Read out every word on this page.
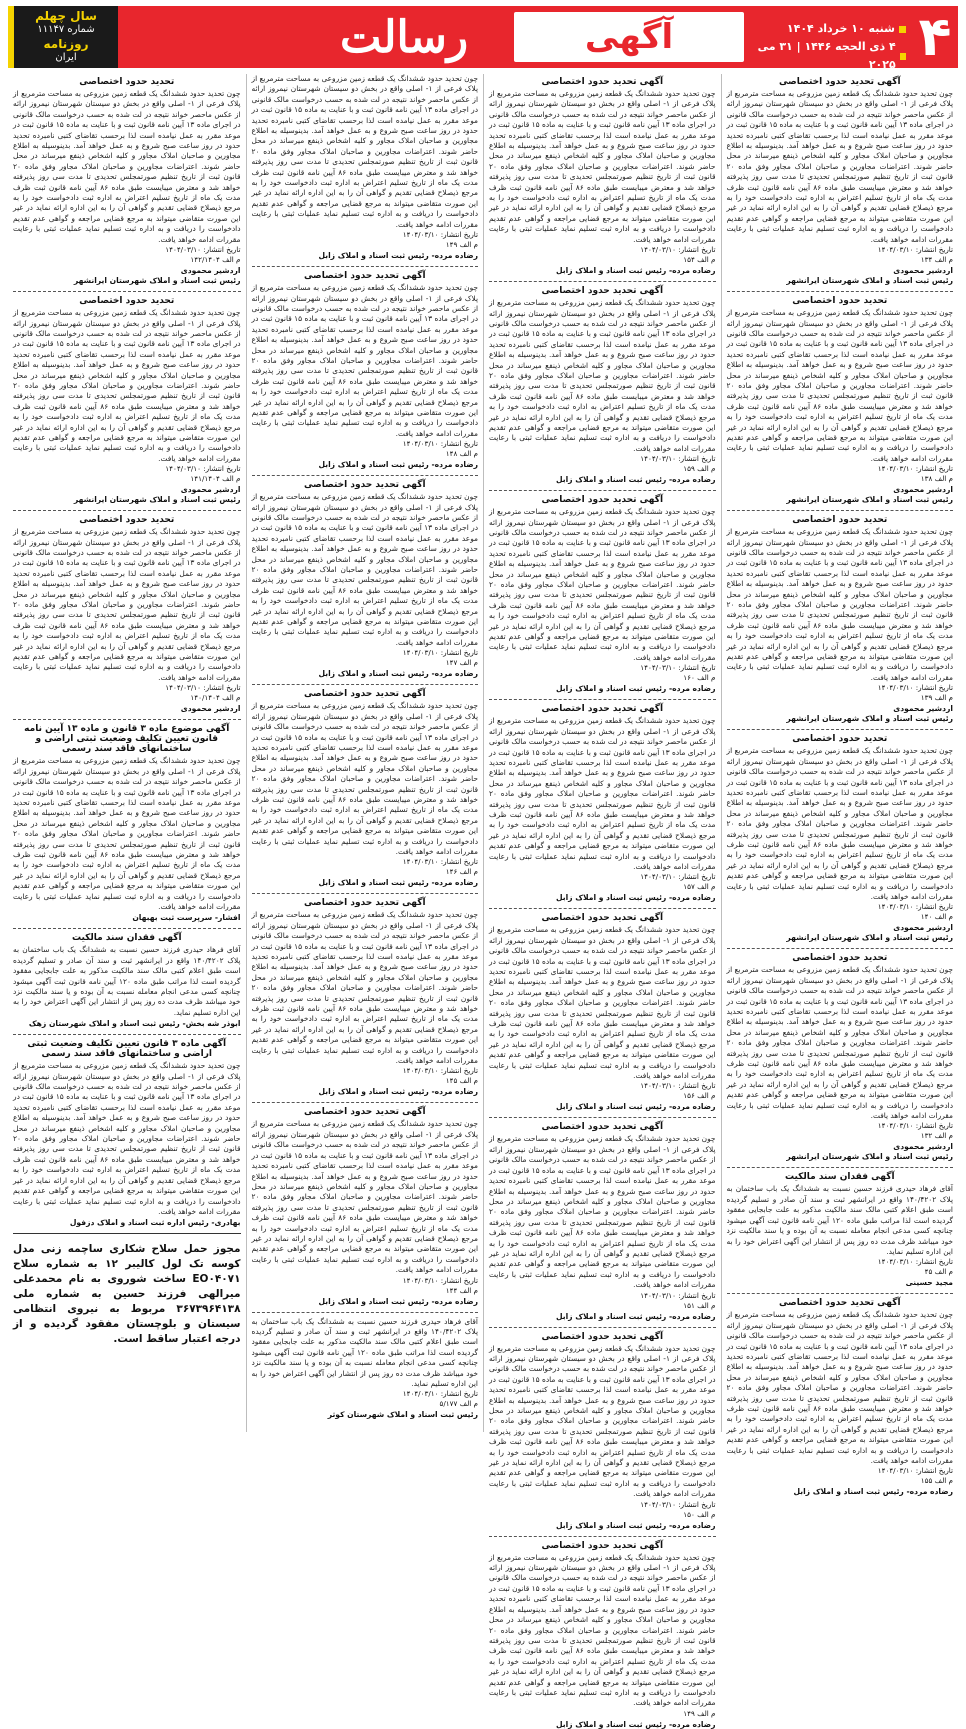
۴
شنبه ۱۰ خرداد ۱۴۰۴
۴ ذی الحجه ۱۴۴۶ | ۳۱ می ۲۰۲۵
آگهی
رسالت
سال چهلم
شماره ۱۱۱۴۷
روزنامه
ایران
آگهی تحدید حدود اختصاصی
چون تحدید حدود ششدانگ یک قطعه زمین مزروعی به مساحت مترمربع از پلاک فرعی از ۱- اصلی واقع در بخش دو سیستان شهرستان نیمروز ارائه از عکس ماحصر خواند نتیجه در لت شده به حسب درخواست مالک قانونی در اجرای ماده ۱۳ آیین نامه قانون ثبت و با عنایت به ماده ۱۵ قانون ثبت در موعد مقرر به عمل نیامده است لذا برحسب تقاضای کتبی نامبرده تحدید حدود در روز ساعت صبح شروع و به عمل خواهد آمد. بدینوسیله به اطلاع مجاورین و صاحبان املاک مجاور و کلیه اشخاص ذینفع میرساند در محل حاضر شوند. اعتراضات مجاورین و صاحبان املاک مجاور وفق ماده ۲۰ قانون ثبت از تاریخ تنظیم صورتمجلس تحدیدی تا مدت سی روز پذیرفته خواهد شد و معترض میبایست طبق ماده ۸۶ آیین نامه قانون ثبت ظرف مدت یک ماه از تاریخ تسلیم اعتراض به اداره ثبت دادخواست خود را به مرجع ذیصلاح قضایی تقدیم و گواهی آن را به این اداره ارائه نماید در غیر این صورت متقاضی میتواند به مرجع قضایی مراجعه و گواهی عدم تقدیم دادخواست را دریافت و به اداره ثبت تسلیم نماید عملیات ثبتی با رعایت مقررات ادامه خواهد یافت.
تاریخ انتشار: ۱۴۰۴/۰۳/۱۰
م الف ۱۳۴
اردشیر محمودی
رئیس ثبت اسناد و املاک شهرستان ایرانشهر
تحدید حدود اختصاصی
چون تحدید حدود ششدانگ یک قطعه زمین مزروعی به مساحت مترمربع از پلاک فرعی از ۱- اصلی واقع در بخش دو سیستان شهرستان نیمروز ارائه از عکس ماحصر خواند نتیجه در لت شده به حسب درخواست مالک قانونی در اجرای ماده ۱۳ آیین نامه قانون ثبت و با عنایت به ماده ۱۵ قانون ثبت در موعد مقرر به عمل نیامده است لذا برحسب تقاضای کتبی نامبرده تحدید حدود در روز ساعت صبح شروع و به عمل خواهد آمد. بدینوسیله به اطلاع مجاورین و صاحبان املاک مجاور و کلیه اشخاص ذینفع میرساند در محل حاضر شوند. اعتراضات مجاورین و صاحبان املاک مجاور وفق ماده ۲۰ قانون ثبت از تاریخ تنظیم صورتمجلس تحدیدی تا مدت سی روز پذیرفته خواهد شد و معترض میبایست طبق ماده ۸۶ آیین نامه قانون ثبت ظرف مدت یک ماه از تاریخ تسلیم اعتراض به اداره ثبت دادخواست خود را به مرجع ذیصلاح قضایی تقدیم و گواهی آن را به این اداره ارائه نماید در غیر این صورت متقاضی میتواند به مرجع قضایی مراجعه و گواهی عدم تقدیم دادخواست را دریافت و به اداره ثبت تسلیم نماید عملیات ثبتی با رعایت مقررات ادامه خواهد یافت.
تاریخ انتشار: ۱۴۰۴/۰۳/۱۰
م الف ۱۳۸
اردشیر محمودی
رئیس ثبت اسناد و املاک شهرستان ایرانشهر
تحدید حدود اختصاصی
چون تحدید حدود ششدانگ یک قطعه زمین مزروعی به مساحت مترمربع از پلاک فرعی از ۱- اصلی واقع در بخش دو سیستان شهرستان نیمروز ارائه از عکس ماحصر خواند نتیجه در لت شده به حسب درخواست مالک قانونی در اجرای ماده ۱۳ آیین نامه قانون ثبت و با عنایت به ماده ۱۵ قانون ثبت در موعد مقرر به عمل نیامده است لذا برحسب تقاضای کتبی نامبرده تحدید حدود در روز ساعت صبح شروع و به عمل خواهد آمد. بدینوسیله به اطلاع مجاورین و صاحبان املاک مجاور و کلیه اشخاص ذینفع میرساند در محل حاضر شوند. اعتراضات مجاورین و صاحبان املاک مجاور وفق ماده ۲۰ قانون ثبت از تاریخ تنظیم صورتمجلس تحدیدی تا مدت سی روز پذیرفته خواهد شد و معترض میبایست طبق ماده ۸۶ آیین نامه قانون ثبت ظرف مدت یک ماه از تاریخ تسلیم اعتراض به اداره ثبت دادخواست خود را به مرجع ذیصلاح قضایی تقدیم و گواهی آن را به این اداره ارائه نماید در غیر این صورت متقاضی میتواند به مرجع قضایی مراجعه و گواهی عدم تقدیم دادخواست را دریافت و به اداره ثبت تسلیم نماید عملیات ثبتی با رعایت مقررات ادامه خواهد یافت.
تاریخ انتشار: ۱۴۰۴/۰۳/۱۰
م الف ۱۳۹
اردشیر محمودی
رئیس ثبت اسناد و املاک شهرستان ایرانشهر
تحدید حدود اختصاصی
چون تحدید حدود ششدانگ یک قطعه زمین مزروعی به مساحت مترمربع از پلاک فرعی از ۱- اصلی واقع در بخش دو سیستان شهرستان نیمروز ارائه از عکس ماحصر خواند نتیجه در لت شده به حسب درخواست مالک قانونی در اجرای ماده ۱۳ آیین نامه قانون ثبت و با عنایت به ماده ۱۵ قانون ثبت در موعد مقرر به عمل نیامده است لذا برحسب تقاضای کتبی نامبرده تحدید حدود در روز ساعت صبح شروع و به عمل خواهد آمد. بدینوسیله به اطلاع مجاورین و صاحبان املاک مجاور و کلیه اشخاص ذینفع میرساند در محل حاضر شوند. اعتراضات مجاورین و صاحبان املاک مجاور وفق ماده ۲۰ قانون ثبت از تاریخ تنظیم صورتمجلس تحدیدی تا مدت سی روز پذیرفته خواهد شد و معترض میبایست طبق ماده ۸۶ آیین نامه قانون ثبت ظرف مدت یک ماه از تاریخ تسلیم اعتراض به اداره ثبت دادخواست خود را به مرجع ذیصلاح قضایی تقدیم و گواهی آن را به این اداره ارائه نماید در غیر این صورت متقاضی میتواند به مرجع قضایی مراجعه و گواهی عدم تقدیم دادخواست را دریافت و به اداره ثبت تسلیم نماید عملیات ثبتی با رعایت مقررات ادامه خواهد یافت.
تاریخ انتشار: ۱۴۰۴/۰۳/۱۰
م الف ۱۴۰
اردشیر محمودی
رئیس ثبت اسناد و املاک شهرستان ایرانشهر
تحدید حدود اختصاصی
چون تحدید حدود ششدانگ یک قطعه زمین مزروعی به مساحت مترمربع از پلاک فرعی از ۱- اصلی واقع در بخش دو سیستان شهرستان نیمروز ارائه از عکس ماحصر خواند نتیجه در لت شده به حسب درخواست مالک قانونی در اجرای ماده ۱۳ آیین نامه قانون ثبت و با عنایت به ماده ۱۵ قانون ثبت در موعد مقرر به عمل نیامده است لذا برحسب تقاضای کتبی نامبرده تحدید حدود در روز ساعت صبح شروع و به عمل خواهد آمد. بدینوسیله به اطلاع مجاورین و صاحبان املاک مجاور و کلیه اشخاص ذینفع میرساند در محل حاضر شوند. اعتراضات مجاورین و صاحبان املاک مجاور وفق ماده ۲۰ قانون ثبت از تاریخ تنظیم صورتمجلس تحدیدی تا مدت سی روز پذیرفته خواهد شد و معترض میبایست طبق ماده ۸۶ آیین نامه قانون ثبت ظرف مدت یک ماه از تاریخ تسلیم اعتراض به اداره ثبت دادخواست خود را به مرجع ذیصلاح قضایی تقدیم و گواهی آن را به این اداره ارائه نماید در غیر این صورت متقاضی میتواند به مرجع قضایی مراجعه و گواهی عدم تقدیم دادخواست را دریافت و به اداره ثبت تسلیم نماید عملیات ثبتی با رعایت مقررات ادامه خواهد یافت.
تاریخ انتشار: ۱۴۰۴/۰۳/۱۰
م الف ۱۳۲
اردشیر محمودی
رئیس ثبت اسناد و املاک شهرستان ایرانشهر
آگهی فقدان سند مالکیت
آقای فرهاد حیدری فرزند حسین نسبت به ششدانگ یک باب ساختمان به پلاک ۱۴۰/۴۲۰۲ واقع در ایرانشهر ثبت و سند آن صادر و تسلیم گردیده است طبق اعلام کتبی مالک سند مالکیت مذکور به علت جابجایی مفقود گردیده است لذا مراتب طبق ماده ۱۲۰ آیین نامه قانون ثبت آگهی میشود چنانچه کسی مدعی انجام معامله نسبت به آن بوده و یا سند مالکیت نزد خود میباشد ظرف مدت ده روز پس از انتشار این آگهی اعتراض خود را به این اداره تسلیم نماید.
تاریخ انتشار: ۱۴۰۴/۰۳/۱۰
م الف ۴۵
مجید حسینی
آگهی تحدید حدود اختصاصی
چون تحدید حدود ششدانگ یک قطعه زمین مزروعی به مساحت مترمربع از پلاک فرعی از ۱- اصلی واقع در بخش دو سیستان شهرستان نیمروز ارائه از عکس ماحصر خواند نتیجه در لت شده به حسب درخواست مالک قانونی در اجرای ماده ۱۳ آیین نامه قانون ثبت و با عنایت به ماده ۱۵ قانون ثبت در موعد مقرر به عمل نیامده است لذا برحسب تقاضای کتبی نامبرده تحدید حدود در روز ساعت صبح شروع و به عمل خواهد آمد. بدینوسیله به اطلاع مجاورین و صاحبان املاک مجاور و کلیه اشخاص ذینفع میرساند در محل حاضر شوند. اعتراضات مجاورین و صاحبان املاک مجاور وفق ماده ۲۰ قانون ثبت از تاریخ تنظیم صورتمجلس تحدیدی تا مدت سی روز پذیرفته خواهد شد و معترض میبایست طبق ماده ۸۶ آیین نامه قانون ثبت ظرف مدت یک ماه از تاریخ تسلیم اعتراض به اداره ثبت دادخواست خود را به مرجع ذیصلاح قضایی تقدیم و گواهی آن را به این اداره ارائه نماید در غیر این صورت متقاضی میتواند به مرجع قضایی مراجعه و گواهی عدم تقدیم دادخواست را دریافت و به اداره ثبت تسلیم نماید عملیات ثبتی با رعایت مقررات ادامه خواهد یافت.
تاریخ انتشار: ۱۴۰۴/۰۳/۱۰
م الف ۱۵۵
رضاده مرده- رئیس ثبت اسناد و املاک زابل
آگهی تحدید حدود اختصاصی
چون تحدید حدود ششدانگ یک قطعه زمین مزروعی به مساحت مترمربع از پلاک فرعی از ۱- اصلی واقع در بخش دو سیستان شهرستان نیمروز ارائه از عکس ماحصر خواند نتیجه در لت شده به حسب درخواست مالک قانونی در اجرای ماده ۱۳ آیین نامه قانون ثبت و با عنایت به ماده ۱۵ قانون ثبت در موعد مقرر به عمل نیامده است لذا برحسب تقاضای کتبی نامبرده تحدید حدود در روز ساعت صبح شروع و به عمل خواهد آمد. بدینوسیله به اطلاع مجاورین و صاحبان املاک مجاور و کلیه اشخاص ذینفع میرساند در محل حاضر شوند. اعتراضات مجاورین و صاحبان املاک مجاور وفق ماده ۲۰ قانون ثبت از تاریخ تنظیم صورتمجلس تحدیدی تا مدت سی روز پذیرفته خواهد شد و معترض میبایست طبق ماده ۸۶ آیین نامه قانون ثبت ظرف مدت یک ماه از تاریخ تسلیم اعتراض به اداره ثبت دادخواست خود را به مرجع ذیصلاح قضایی تقدیم و گواهی آن را به این اداره ارائه نماید در غیر این صورت متقاضی میتواند به مرجع قضایی مراجعه و گواهی عدم تقدیم دادخواست را دریافت و به اداره ثبت تسلیم نماید عملیات ثبتی با رعایت مقررات ادامه خواهد یافت.
تاریخ انتشار: ۱۴۰۴/۰۳/۱۰
م الف ۱۵۴
رضاده مرده- رئیس ثبت اسناد و املاک زابل
آگهی تحدید حدود اختصاصی
چون تحدید حدود ششدانگ یک قطعه زمین مزروعی به مساحت مترمربع از پلاک فرعی از ۱- اصلی واقع در بخش دو سیستان شهرستان نیمروز ارائه از عکس ماحصر خواند نتیجه در لت شده به حسب درخواست مالک قانونی در اجرای ماده ۱۳ آیین نامه قانون ثبت و با عنایت به ماده ۱۵ قانون ثبت در موعد مقرر به عمل نیامده است لذا برحسب تقاضای کتبی نامبرده تحدید حدود در روز ساعت صبح شروع و به عمل خواهد آمد. بدینوسیله به اطلاع مجاورین و صاحبان املاک مجاور و کلیه اشخاص ذینفع میرساند در محل حاضر شوند. اعتراضات مجاورین و صاحبان املاک مجاور وفق ماده ۲۰ قانون ثبت از تاریخ تنظیم صورتمجلس تحدیدی تا مدت سی روز پذیرفته خواهد شد و معترض میبایست طبق ماده ۸۶ آیین نامه قانون ثبت ظرف مدت یک ماه از تاریخ تسلیم اعتراض به اداره ثبت دادخواست خود را به مرجع ذیصلاح قضایی تقدیم و گواهی آن را به این اداره ارائه نماید در غیر این صورت متقاضی میتواند به مرجع قضایی مراجعه و گواهی عدم تقدیم دادخواست را دریافت و به اداره ثبت تسلیم نماید عملیات ثبتی با رعایت مقررات ادامه خواهد یافت.
تاریخ انتشار: ۱۴۰۴/۰۳/۱۰
م الف ۱۵۹
رضاده مرده- رئیس ثبت اسناد و املاک زابل
آگهی تحدید حدود اختصاصی
چون تحدید حدود ششدانگ یک قطعه زمین مزروعی به مساحت مترمربع از پلاک فرعی از ۱- اصلی واقع در بخش دو سیستان شهرستان نیمروز ارائه از عکس ماحصر خواند نتیجه در لت شده به حسب درخواست مالک قانونی در اجرای ماده ۱۳ آیین نامه قانون ثبت و با عنایت به ماده ۱۵ قانون ثبت در موعد مقرر به عمل نیامده است لذا برحسب تقاضای کتبی نامبرده تحدید حدود در روز ساعت صبح شروع و به عمل خواهد آمد. بدینوسیله به اطلاع مجاورین و صاحبان املاک مجاور و کلیه اشخاص ذینفع میرساند در محل حاضر شوند. اعتراضات مجاورین و صاحبان املاک مجاور وفق ماده ۲۰ قانون ثبت از تاریخ تنظیم صورتمجلس تحدیدی تا مدت سی روز پذیرفته خواهد شد و معترض میبایست طبق ماده ۸۶ آیین نامه قانون ثبت ظرف مدت یک ماه از تاریخ تسلیم اعتراض به اداره ثبت دادخواست خود را به مرجع ذیصلاح قضایی تقدیم و گواهی آن را به این اداره ارائه نماید در غیر این صورت متقاضی میتواند به مرجع قضایی مراجعه و گواهی عدم تقدیم دادخواست را دریافت و به اداره ثبت تسلیم نماید عملیات ثبتی با رعایت مقررات ادامه خواهد یافت.
تاریخ انتشار: ۱۴۰۴/۰۳/۱۰
م الف ۱۶۰
رضاده مرده- رئیس ثبت اسناد و املاک زابل
آگهی تحدید حدود اختصاصی
چون تحدید حدود ششدانگ یک قطعه زمین مزروعی به مساحت مترمربع از پلاک فرعی از ۱- اصلی واقع در بخش دو سیستان شهرستان نیمروز ارائه از عکس ماحصر خواند نتیجه در لت شده به حسب درخواست مالک قانونی در اجرای ماده ۱۳ آیین نامه قانون ثبت و با عنایت به ماده ۱۵ قانون ثبت در موعد مقرر به عمل نیامده است لذا برحسب تقاضای کتبی نامبرده تحدید حدود در روز ساعت صبح شروع و به عمل خواهد آمد. بدینوسیله به اطلاع مجاورین و صاحبان املاک مجاور و کلیه اشخاص ذینفع میرساند در محل حاضر شوند. اعتراضات مجاورین و صاحبان املاک مجاور وفق ماده ۲۰ قانون ثبت از تاریخ تنظیم صورتمجلس تحدیدی تا مدت سی روز پذیرفته خواهد شد و معترض میبایست طبق ماده ۸۶ آیین نامه قانون ثبت ظرف مدت یک ماه از تاریخ تسلیم اعتراض به اداره ثبت دادخواست خود را به مرجع ذیصلاح قضایی تقدیم و گواهی آن را به این اداره ارائه نماید در غیر این صورت متقاضی میتواند به مرجع قضایی مراجعه و گواهی عدم تقدیم دادخواست را دریافت و به اداره ثبت تسلیم نماید عملیات ثبتی با رعایت مقررات ادامه خواهد یافت.
تاریخ انتشار: ۱۴۰۴/۰۳/۱۰
م الف ۱۵۷
رضاده مرده- رئیس ثبت اسناد و املاک زابل
آگهی تحدید حدود اختصاصی
چون تحدید حدود ششدانگ یک قطعه زمین مزروعی به مساحت مترمربع از پلاک فرعی از ۱- اصلی واقع در بخش دو سیستان شهرستان نیمروز ارائه از عکس ماحصر خواند نتیجه در لت شده به حسب درخواست مالک قانونی در اجرای ماده ۱۳ آیین نامه قانون ثبت و با عنایت به ماده ۱۵ قانون ثبت در موعد مقرر به عمل نیامده است لذا برحسب تقاضای کتبی نامبرده تحدید حدود در روز ساعت صبح شروع و به عمل خواهد آمد. بدینوسیله به اطلاع مجاورین و صاحبان املاک مجاور و کلیه اشخاص ذینفع میرساند در محل حاضر شوند. اعتراضات مجاورین و صاحبان املاک مجاور وفق ماده ۲۰ قانون ثبت از تاریخ تنظیم صورتمجلس تحدیدی تا مدت سی روز پذیرفته خواهد شد و معترض میبایست طبق ماده ۸۶ آیین نامه قانون ثبت ظرف مدت یک ماه از تاریخ تسلیم اعتراض به اداره ثبت دادخواست خود را به مرجع ذیصلاح قضایی تقدیم و گواهی آن را به این اداره ارائه نماید در غیر این صورت متقاضی میتواند به مرجع قضایی مراجعه و گواهی عدم تقدیم دادخواست را دریافت و به اداره ثبت تسلیم نماید عملیات ثبتی با رعایت مقررات ادامه خواهد یافت.
تاریخ انتشار: ۱۴۰۴/۰۳/۱۰
م الف ۱۵۶
رضاده مرده- رئیس ثبت اسناد و املاک زابل
آگهی تحدید حدود اختصاصی
چون تحدید حدود ششدانگ یک قطعه زمین مزروعی به مساحت مترمربع از پلاک فرعی از ۱- اصلی واقع در بخش دو سیستان شهرستان نیمروز ارائه از عکس ماحصر خواند نتیجه در لت شده به حسب درخواست مالک قانونی در اجرای ماده ۱۳ آیین نامه قانون ثبت و با عنایت به ماده ۱۵ قانون ثبت در موعد مقرر به عمل نیامده است لذا برحسب تقاضای کتبی نامبرده تحدید حدود در روز ساعت صبح شروع و به عمل خواهد آمد. بدینوسیله به اطلاع مجاورین و صاحبان املاک مجاور و کلیه اشخاص ذینفع میرساند در محل حاضر شوند. اعتراضات مجاورین و صاحبان املاک مجاور وفق ماده ۲۰ قانون ثبت از تاریخ تنظیم صورتمجلس تحدیدی تا مدت سی روز پذیرفته خواهد شد و معترض میبایست طبق ماده ۸۶ آیین نامه قانون ثبت ظرف مدت یک ماه از تاریخ تسلیم اعتراض به اداره ثبت دادخواست خود را به مرجع ذیصلاح قضایی تقدیم و گواهی آن را به این اداره ارائه نماید در غیر این صورت متقاضی میتواند به مرجع قضایی مراجعه و گواهی عدم تقدیم دادخواست را دریافت و به اداره ثبت تسلیم نماید عملیات ثبتی با رعایت مقررات ادامه خواهد یافت.
تاریخ انتشار: ۱۴۰۴/۰۳/۱۰
م الف ۱۵۱
رضاده مرده- رئیس ثبت اسناد و املاک زابل
آگهی تحدید حدود اختصاصی
چون تحدید حدود ششدانگ یک قطعه زمین مزروعی به مساحت مترمربع از پلاک فرعی از ۱- اصلی واقع در بخش دو سیستان شهرستان نیمروز ارائه از عکس ماحصر خواند نتیجه در لت شده به حسب درخواست مالک قانونی در اجرای ماده ۱۳ آیین نامه قانون ثبت و با عنایت به ماده ۱۵ قانون ثبت در موعد مقرر به عمل نیامده است لذا برحسب تقاضای کتبی نامبرده تحدید حدود در روز ساعت صبح شروع و به عمل خواهد آمد. بدینوسیله به اطلاع مجاورین و صاحبان املاک مجاور و کلیه اشخاص ذینفع میرساند در محل حاضر شوند. اعتراضات مجاورین و صاحبان املاک مجاور وفق ماده ۲۰ قانون ثبت از تاریخ تنظیم صورتمجلس تحدیدی تا مدت سی روز پذیرفته خواهد شد و معترض میبایست طبق ماده ۸۶ آیین نامه قانون ثبت ظرف مدت یک ماه از تاریخ تسلیم اعتراض به اداره ثبت دادخواست خود را به مرجع ذیصلاح قضایی تقدیم و گواهی آن را به این اداره ارائه نماید در غیر این صورت متقاضی میتواند به مرجع قضایی مراجعه و گواهی عدم تقدیم دادخواست را دریافت و به اداره ثبت تسلیم نماید عملیات ثبتی با رعایت مقررات ادامه خواهد یافت.
تاریخ انتشار: ۱۴۰۴/۰۳/۱۰
م الف ۱۵۰
رضاده مرده- رئیس ثبت اسناد و املاک زابل
آگهی تحدید حدود اختصاصی
چون تحدید حدود ششدانگ یک قطعه زمین مزروعی به مساحت مترمربع از پلاک فرعی از ۱- اصلی واقع در بخش دو سیستان شهرستان نیمروز ارائه از عکس ماحصر خواند نتیجه در لت شده به حسب درخواست مالک قانونی در اجرای ماده ۱۳ آیین نامه قانون ثبت و با عنایت به ماده ۱۵ قانون ثبت در موعد مقرر به عمل نیامده است لذا برحسب تقاضای کتبی نامبرده تحدید حدود در روز ساعت صبح شروع و به عمل خواهد آمد. بدینوسیله به اطلاع مجاورین و صاحبان املاک مجاور و کلیه اشخاص ذینفع میرساند در محل حاضر شوند. اعتراضات مجاورین و صاحبان املاک مجاور وفق ماده ۲۰ قانون ثبت از تاریخ تنظیم صورتمجلس تحدیدی تا مدت سی روز پذیرفته خواهد شد و معترض میبایست طبق ماده ۸۶ آیین نامه قانون ثبت ظرف مدت یک ماه از تاریخ تسلیم اعتراض به اداره ثبت دادخواست خود را به مرجع ذیصلاح قضایی تقدیم و گواهی آن را به این اداره ارائه نماید در غیر این صورت متقاضی میتواند به مرجع قضایی مراجعه و گواهی عدم تقدیم دادخواست را دریافت و به اداره ثبت تسلیم نماید عملیات ثبتی با رعایت مقررات ادامه خواهد یافت.
م الف ۱۴۹
رضاده مرده- رئیس ثبت اسناد و املاک زابل
چون تحدید حدود ششدانگ یک قطعه زمین مزروعی به مساحت مترمربع از پلاک فرعی از ۱- اصلی واقع در بخش دو سیستان شهرستان نیمروز ارائه از عکس ماحصر خواند نتیجه در لت شده به حسب درخواست مالک قانونی در اجرای ماده ۱۳ آیین نامه قانون ثبت و با عنایت به ماده ۱۵ قانون ثبت در موعد مقرر به عمل نیامده است لذا برحسب تقاضای کتبی نامبرده تحدید حدود در روز ساعت صبح شروع و به عمل خواهد آمد. بدینوسیله به اطلاع مجاورین و صاحبان املاک مجاور و کلیه اشخاص ذینفع میرساند در محل حاضر شوند. اعتراضات مجاورین و صاحبان املاک مجاور وفق ماده ۲۰ قانون ثبت از تاریخ تنظیم صورتمجلس تحدیدی تا مدت سی روز پذیرفته خواهد شد و معترض میبایست طبق ماده ۸۶ آیین نامه قانون ثبت ظرف مدت یک ماه از تاریخ تسلیم اعتراض به اداره ثبت دادخواست خود را به مرجع ذیصلاح قضایی تقدیم و گواهی آن را به این اداره ارائه نماید در غیر این صورت متقاضی میتواند به مرجع قضایی مراجعه و گواهی عدم تقدیم دادخواست را دریافت و به اداره ثبت تسلیم نماید عملیات ثبتی با رعایت مقررات ادامه خواهد یافت.
تاریخ انتشار: ۱۴۰۴/۰۳/۱۰
م الف ۱۴۹
رضاده مرده- رئیس ثبت اسناد و املاک زابل
آگهی تحدید حدود اختصاصی
چون تحدید حدود ششدانگ یک قطعه زمین مزروعی به مساحت مترمربع از پلاک فرعی از ۱- اصلی واقع در بخش دو سیستان شهرستان نیمروز ارائه از عکس ماحصر خواند نتیجه در لت شده به حسب درخواست مالک قانونی در اجرای ماده ۱۳ آیین نامه قانون ثبت و با عنایت به ماده ۱۵ قانون ثبت در موعد مقرر به عمل نیامده است لذا برحسب تقاضای کتبی نامبرده تحدید حدود در روز ساعت صبح شروع و به عمل خواهد آمد. بدینوسیله به اطلاع مجاورین و صاحبان املاک مجاور و کلیه اشخاص ذینفع میرساند در محل حاضر شوند. اعتراضات مجاورین و صاحبان املاک مجاور وفق ماده ۲۰ قانون ثبت از تاریخ تنظیم صورتمجلس تحدیدی تا مدت سی روز پذیرفته خواهد شد و معترض میبایست طبق ماده ۸۶ آیین نامه قانون ثبت ظرف مدت یک ماه از تاریخ تسلیم اعتراض به اداره ثبت دادخواست خود را به مرجع ذیصلاح قضایی تقدیم و گواهی آن را به این اداره ارائه نماید در غیر این صورت متقاضی میتواند به مرجع قضایی مراجعه و گواهی عدم تقدیم دادخواست را دریافت و به اداره ثبت تسلیم نماید عملیات ثبتی با رعایت مقررات ادامه خواهد یافت.
تاریخ انتشار: ۱۴۰۴/۰۳/۱۰
م الف ۱۴۸
رضاده مرده- رئیس ثبت اسناد و املاک زابل
آگهی تحدید حدود اختصاصی
چون تحدید حدود ششدانگ یک قطعه زمین مزروعی به مساحت مترمربع از پلاک فرعی از ۱- اصلی واقع در بخش دو سیستان شهرستان نیمروز ارائه از عکس ماحصر خواند نتیجه در لت شده به حسب درخواست مالک قانونی در اجرای ماده ۱۳ آیین نامه قانون ثبت و با عنایت به ماده ۱۵ قانون ثبت در موعد مقرر به عمل نیامده است لذا برحسب تقاضای کتبی نامبرده تحدید حدود در روز ساعت صبح شروع و به عمل خواهد آمد. بدینوسیله به اطلاع مجاورین و صاحبان املاک مجاور و کلیه اشخاص ذینفع میرساند در محل حاضر شوند. اعتراضات مجاورین و صاحبان املاک مجاور وفق ماده ۲۰ قانون ثبت از تاریخ تنظیم صورتمجلس تحدیدی تا مدت سی روز پذیرفته خواهد شد و معترض میبایست طبق ماده ۸۶ آیین نامه قانون ثبت ظرف مدت یک ماه از تاریخ تسلیم اعتراض به اداره ثبت دادخواست خود را به مرجع ذیصلاح قضایی تقدیم و گواهی آن را به این اداره ارائه نماید در غیر این صورت متقاضی میتواند به مرجع قضایی مراجعه و گواهی عدم تقدیم دادخواست را دریافت و به اداره ثبت تسلیم نماید عملیات ثبتی با رعایت مقررات ادامه خواهد یافت.
تاریخ انتشار: ۱۴۰۴/۰۳/۱۰
م الف ۱۴۷
رضاده مرده- رئیس ثبت اسناد و املاک زابل
آگهی تحدید حدود اختصاصی
چون تحدید حدود ششدانگ یک قطعه زمین مزروعی به مساحت مترمربع از پلاک فرعی از ۱- اصلی واقع در بخش دو سیستان شهرستان نیمروز ارائه از عکس ماحصر خواند نتیجه در لت شده به حسب درخواست مالک قانونی در اجرای ماده ۱۳ آیین نامه قانون ثبت و با عنایت به ماده ۱۵ قانون ثبت در موعد مقرر به عمل نیامده است لذا برحسب تقاضای کتبی نامبرده تحدید حدود در روز ساعت صبح شروع و به عمل خواهد آمد. بدینوسیله به اطلاع مجاورین و صاحبان املاک مجاور و کلیه اشخاص ذینفع میرساند در محل حاضر شوند. اعتراضات مجاورین و صاحبان املاک مجاور وفق ماده ۲۰ قانون ثبت از تاریخ تنظیم صورتمجلس تحدیدی تا مدت سی روز پذیرفته خواهد شد و معترض میبایست طبق ماده ۸۶ آیین نامه قانون ثبت ظرف مدت یک ماه از تاریخ تسلیم اعتراض به اداره ثبت دادخواست خود را به مرجع ذیصلاح قضایی تقدیم و گواهی آن را به این اداره ارائه نماید در غیر این صورت متقاضی میتواند به مرجع قضایی مراجعه و گواهی عدم تقدیم دادخواست را دریافت و به اداره ثبت تسلیم نماید عملیات ثبتی با رعایت مقررات ادامه خواهد یافت.
تاریخ انتشار: ۱۴۰۴/۰۳/۱۰
م الف ۱۴۶
رضاده مرده- رئیس ثبت اسناد و املاک زابل
آگهی تحدید حدود اختصاصی
چون تحدید حدود ششدانگ یک قطعه زمین مزروعی به مساحت مترمربع از پلاک فرعی از ۱- اصلی واقع در بخش دو سیستان شهرستان نیمروز ارائه از عکس ماحصر خواند نتیجه در لت شده به حسب درخواست مالک قانونی در اجرای ماده ۱۳ آیین نامه قانون ثبت و با عنایت به ماده ۱۵ قانون ثبت در موعد مقرر به عمل نیامده است لذا برحسب تقاضای کتبی نامبرده تحدید حدود در روز ساعت صبح شروع و به عمل خواهد آمد. بدینوسیله به اطلاع مجاورین و صاحبان املاک مجاور و کلیه اشخاص ذینفع میرساند در محل حاضر شوند. اعتراضات مجاورین و صاحبان املاک مجاور وفق ماده ۲۰ قانون ثبت از تاریخ تنظیم صورتمجلس تحدیدی تا مدت سی روز پذیرفته خواهد شد و معترض میبایست طبق ماده ۸۶ آیین نامه قانون ثبت ظرف مدت یک ماه از تاریخ تسلیم اعتراض به اداره ثبت دادخواست خود را به مرجع ذیصلاح قضایی تقدیم و گواهی آن را به این اداره ارائه نماید در غیر این صورت متقاضی میتواند به مرجع قضایی مراجعه و گواهی عدم تقدیم دادخواست را دریافت و به اداره ثبت تسلیم نماید عملیات ثبتی با رعایت مقررات ادامه خواهد یافت.
تاریخ انتشار: ۱۴۰۴/۰۳/۱۰
م الف ۱۴۵
رضاده مرده- رئیس ثبت اسناد و املاک زابل
آگهی تحدید حدود اختصاصی
چون تحدید حدود ششدانگ یک قطعه زمین مزروعی به مساحت مترمربع از پلاک فرعی از ۱- اصلی واقع در بخش دو سیستان شهرستان نیمروز ارائه از عکس ماحصر خواند نتیجه در لت شده به حسب درخواست مالک قانونی در اجرای ماده ۱۳ آیین نامه قانون ثبت و با عنایت به ماده ۱۵ قانون ثبت در موعد مقرر به عمل نیامده است لذا برحسب تقاضای کتبی نامبرده تحدید حدود در روز ساعت صبح شروع و به عمل خواهد آمد. بدینوسیله به اطلاع مجاورین و صاحبان املاک مجاور و کلیه اشخاص ذینفع میرساند در محل حاضر شوند. اعتراضات مجاورین و صاحبان املاک مجاور وفق ماده ۲۰ قانون ثبت از تاریخ تنظیم صورتمجلس تحدیدی تا مدت سی روز پذیرفته خواهد شد و معترض میبایست طبق ماده ۸۶ آیین نامه قانون ثبت ظرف مدت یک ماه از تاریخ تسلیم اعتراض به اداره ثبت دادخواست خود را به مرجع ذیصلاح قضایی تقدیم و گواهی آن را به این اداره ارائه نماید در غیر این صورت متقاضی میتواند به مرجع قضایی مراجعه و گواهی عدم تقدیم دادخواست را دریافت و به اداره ثبت تسلیم نماید عملیات ثبتی با رعایت مقررات ادامه خواهد یافت.
تاریخ انتشار: ۱۴۰۴/۰۳/۱۰
م الف ۱۴۴
رضاده مرده- رئیس ثبت اسناد و املاک زابل
آقای فرهاد حیدری فرزند حسین نسبت به ششدانگ یک باب ساختمان به پلاک ۱۴۰/۴۲۰۲ واقع در ایرانشهر ثبت و سند آن صادر و تسلیم گردیده است طبق اعلام کتبی مالک سند مالکیت مذکور به علت جابجایی مفقود گردیده است لذا مراتب طبق ماده ۱۲۰ آیین نامه قانون ثبت آگهی میشود چنانچه کسی مدعی انجام معامله نسبت به آن بوده و یا سند مالکیت نزد خود میباشد ظرف مدت ده روز پس از انتشار این آگهی اعتراض خود را به این اداره تسلیم نماید.
تاریخ انتشار: ۱۴۰۴/۰۳/۱۰
م الف ۵/۱۷۷
رئیس ثبت اسناد و املاک شهرستان کوثر
تحدید حدود اختصاصی
چون تحدید حدود ششدانگ یک قطعه زمین مزروعی به مساحت مترمربع از پلاک فرعی از ۱- اصلی واقع در بخش دو سیستان شهرستان نیمروز ارائه از عکس ماحصر خواند نتیجه در لت شده به حسب درخواست مالک قانونی در اجرای ماده ۱۳ آیین نامه قانون ثبت و با عنایت به ماده ۱۵ قانون ثبت در موعد مقرر به عمل نیامده است لذا برحسب تقاضای کتبی نامبرده تحدید حدود در روز ساعت صبح شروع و به عمل خواهد آمد. بدینوسیله به اطلاع مجاورین و صاحبان املاک مجاور و کلیه اشخاص ذینفع میرساند در محل حاضر شوند. اعتراضات مجاورین و صاحبان املاک مجاور وفق ماده ۲۰ قانون ثبت از تاریخ تنظیم صورتمجلس تحدیدی تا مدت سی روز پذیرفته خواهد شد و معترض میبایست طبق ماده ۸۶ آیین نامه قانون ثبت ظرف مدت یک ماه از تاریخ تسلیم اعتراض به اداره ثبت دادخواست خود را به مرجع ذیصلاح قضایی تقدیم و گواهی آن را به این اداره ارائه نماید در غیر این صورت متقاضی میتواند به مرجع قضایی مراجعه و گواهی عدم تقدیم دادخواست را دریافت و به اداره ثبت تسلیم نماید عملیات ثبتی با رعایت مقررات ادامه خواهد یافت.
تاریخ انتشار: ۱۴۰۴/۰۳/۱۰
م الف ۱۴۲/۱۴۰۴
اردشیر محمودی
رئیس ثبت اسناد و املاک شهرستان ایرانشهر
تحدید حدود اختصاصی
چون تحدید حدود ششدانگ یک قطعه زمین مزروعی به مساحت مترمربع از پلاک فرعی از ۱- اصلی واقع در بخش دو سیستان شهرستان نیمروز ارائه از عکس ماحصر خواند نتیجه در لت شده به حسب درخواست مالک قانونی در اجرای ماده ۱۳ آیین نامه قانون ثبت و با عنایت به ماده ۱۵ قانون ثبت در موعد مقرر به عمل نیامده است لذا برحسب تقاضای کتبی نامبرده تحدید حدود در روز ساعت صبح شروع و به عمل خواهد آمد. بدینوسیله به اطلاع مجاورین و صاحبان املاک مجاور و کلیه اشخاص ذینفع میرساند در محل حاضر شوند. اعتراضات مجاورین و صاحبان املاک مجاور وفق ماده ۲۰ قانون ثبت از تاریخ تنظیم صورتمجلس تحدیدی تا مدت سی روز پذیرفته خواهد شد و معترض میبایست طبق ماده ۸۶ آیین نامه قانون ثبت ظرف مدت یک ماه از تاریخ تسلیم اعتراض به اداره ثبت دادخواست خود را به مرجع ذیصلاح قضایی تقدیم و گواهی آن را به این اداره ارائه نماید در غیر این صورت متقاضی میتواند به مرجع قضایی مراجعه و گواهی عدم تقدیم دادخواست را دریافت و به اداره ثبت تسلیم نماید عملیات ثبتی با رعایت مقررات ادامه خواهد یافت.
تاریخ انتشار: ۱۴۰۴/۰۳/۱۰
م الف ۱۴۱/۱۴۰۴
اردشیر محمودی
رئیس ثبت اسناد و املاک شهرستان ایرانشهر
تحدید حدود اختصاصی
چون تحدید حدود ششدانگ یک قطعه زمین مزروعی به مساحت مترمربع از پلاک فرعی از ۱- اصلی واقع در بخش دو سیستان شهرستان نیمروز ارائه از عکس ماحصر خواند نتیجه در لت شده به حسب درخواست مالک قانونی در اجرای ماده ۱۳ آیین نامه قانون ثبت و با عنایت به ماده ۱۵ قانون ثبت در موعد مقرر به عمل نیامده است لذا برحسب تقاضای کتبی نامبرده تحدید حدود در روز ساعت صبح شروع و به عمل خواهد آمد. بدینوسیله به اطلاع مجاورین و صاحبان املاک مجاور و کلیه اشخاص ذینفع میرساند در محل حاضر شوند. اعتراضات مجاورین و صاحبان املاک مجاور وفق ماده ۲۰ قانون ثبت از تاریخ تنظیم صورتمجلس تحدیدی تا مدت سی روز پذیرفته خواهد شد و معترض میبایست طبق ماده ۸۶ آیین نامه قانون ثبت ظرف مدت یک ماه از تاریخ تسلیم اعتراض به اداره ثبت دادخواست خود را به مرجع ذیصلاح قضایی تقدیم و گواهی آن را به این اداره ارائه نماید در غیر این صورت متقاضی میتواند به مرجع قضایی مراجعه و گواهی عدم تقدیم دادخواست را دریافت و به اداره ثبت تسلیم نماید عملیات ثبتی با رعایت مقررات ادامه خواهد یافت.
تاریخ انتشار: ۱۴۰۴/۰۳/۱۰
م الف ۱۴۰/۱۴۰۴
اردشیر محمودی
آگهی موضوع ماده ۳ قانون و ماده ۱۳ آیین نامه قانون تعیین تکلیف وضعیت ثبتی اراضی و ساختمانهای فاقد سند رسمی
چون تحدید حدود ششدانگ یک قطعه زمین مزروعی به مساحت مترمربع از پلاک فرعی از ۱- اصلی واقع در بخش دو سیستان شهرستان نیمروز ارائه از عکس ماحصر خواند نتیجه در لت شده به حسب درخواست مالک قانونی در اجرای ماده ۱۳ آیین نامه قانون ثبت و با عنایت به ماده ۱۵ قانون ثبت در موعد مقرر به عمل نیامده است لذا برحسب تقاضای کتبی نامبرده تحدید حدود در روز ساعت صبح شروع و به عمل خواهد آمد. بدینوسیله به اطلاع مجاورین و صاحبان املاک مجاور و کلیه اشخاص ذینفع میرساند در محل حاضر شوند. اعتراضات مجاورین و صاحبان املاک مجاور وفق ماده ۲۰ قانون ثبت از تاریخ تنظیم صورتمجلس تحدیدی تا مدت سی روز پذیرفته خواهد شد و معترض میبایست طبق ماده ۸۶ آیین نامه قانون ثبت ظرف مدت یک ماه از تاریخ تسلیم اعتراض به اداره ثبت دادخواست خود را به مرجع ذیصلاح قضایی تقدیم و گواهی آن را به این اداره ارائه نماید در غیر این صورت متقاضی میتواند به مرجع قضایی مراجعه و گواهی عدم تقدیم دادخواست را دریافت و به اداره ثبت تسلیم نماید عملیات ثبتی با رعایت مقررات ادامه خواهد یافت.
افشار- سرپرست ثبت بهبهان
آگهی فقدان سند مالکیت
آقای فرهاد حیدری فرزند حسین نسبت به ششدانگ یک باب ساختمان به پلاک ۱۴۰/۴۲۰۲ واقع در ایرانشهر ثبت و سند آن صادر و تسلیم گردیده است طبق اعلام کتبی مالک سند مالکیت مذکور به علت جابجایی مفقود گردیده است لذا مراتب طبق ماده ۱۲۰ آیین نامه قانون ثبت آگهی میشود چنانچه کسی مدعی انجام معامله نسبت به آن بوده و یا سند مالکیت نزد خود میباشد ظرف مدت ده روز پس از انتشار این آگهی اعتراض خود را به این اداره تسلیم نماید.
ابوذر شه بخش- رئیس ثبت اسناد و املاک شهرستان زهک
آگهی ماده ۳ قانون تعیین تکلیف وضعیت ثبتی اراضی و ساختمانهای فاقد سند رسمی
چون تحدید حدود ششدانگ یک قطعه زمین مزروعی به مساحت مترمربع از پلاک فرعی از ۱- اصلی واقع در بخش دو سیستان شهرستان نیمروز ارائه از عکس ماحصر خواند نتیجه در لت شده به حسب درخواست مالک قانونی در اجرای ماده ۱۳ آیین نامه قانون ثبت و با عنایت به ماده ۱۵ قانون ثبت در موعد مقرر به عمل نیامده است لذا برحسب تقاضای کتبی نامبرده تحدید حدود در روز ساعت صبح شروع و به عمل خواهد آمد. بدینوسیله به اطلاع مجاورین و صاحبان املاک مجاور و کلیه اشخاص ذینفع میرساند در محل حاضر شوند. اعتراضات مجاورین و صاحبان املاک مجاور وفق ماده ۲۰ قانون ثبت از تاریخ تنظیم صورتمجلس تحدیدی تا مدت سی روز پذیرفته خواهد شد و معترض میبایست طبق ماده ۸۶ آیین نامه قانون ثبت ظرف مدت یک ماه از تاریخ تسلیم اعتراض به اداره ثبت دادخواست خود را به مرجع ذیصلاح قضایی تقدیم و گواهی آن را به این اداره ارائه نماید در غیر این صورت متقاضی میتواند به مرجع قضایی مراجعه و گواهی عدم تقدیم دادخواست را دریافت و به اداره ثبت تسلیم نماید عملیات ثبتی با رعایت مقررات ادامه خواهد یافت.
بهادری- رئیس اداره ثبت اسناد و املاک دزفول
مجوز حمل سلاح شکاری ساچمه زنی مدل کوسه تک لول کالیبر ۱۲ به شماره سلاح EO۰۴۰۷۱ ساخت شوروی به نام محمدعلی میرالهی فرزند حسین به شماره ملی ۳۶۷۳۹۶۴۱۳۸ مربوط به نیروی انتظامی سیستان و بلوچستان مفقود گردیده و از درجه اعتبار ساقط است.
